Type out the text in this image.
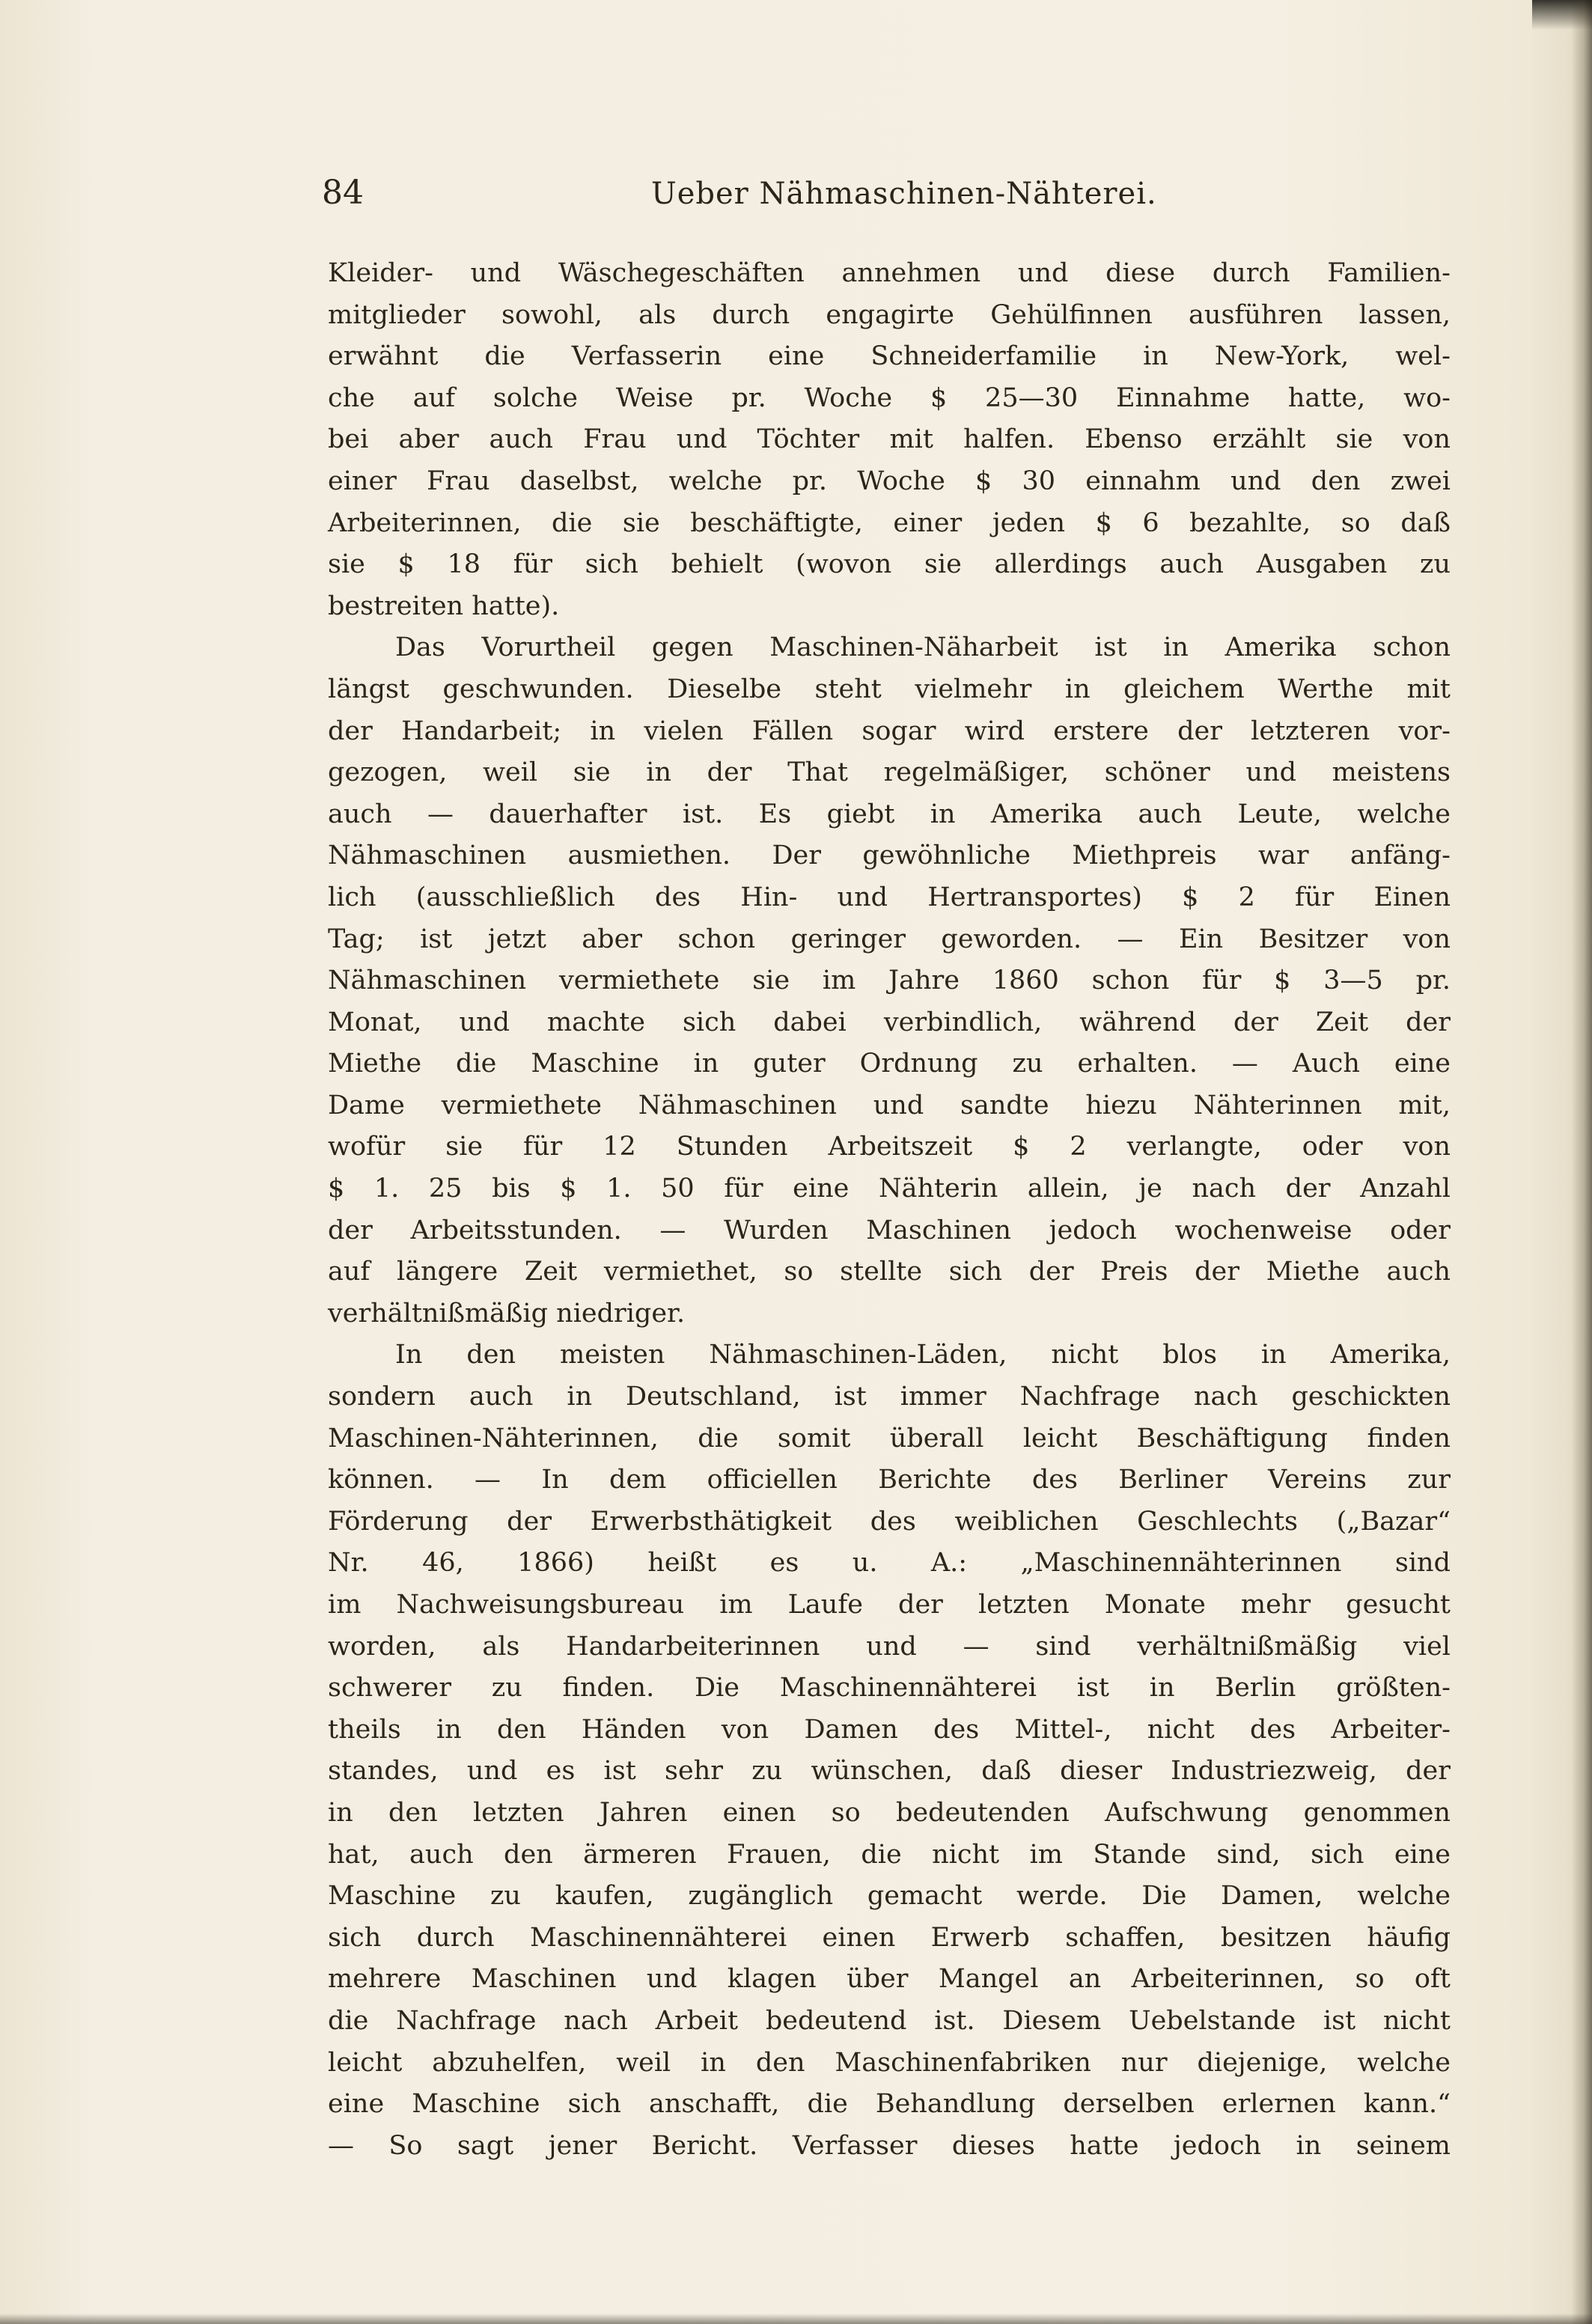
84	Ueber Nähmaschinen-Nähterei.
Kleider- und Wäschegeschäften annehmen und diese durch Familien-
mitglieder sowohl, als durch engagirte Gehülfinnen ausführen lassen,
erwähnt die Verfasserin eine Schneiderfamilie in New-York, wel-
che auf solche Weise pr. Woche $ 25—30 Einnahme hatte, wo-
bei aber auch Frau und Töchter mit halfen. Ebenso erzählt sie von
einer Frau daselbst, welche pr. Woche $ 30 einnahm und den zwei
Arbeiterinnen, die sie beschäftigte, einer jeden $ 6 bezahlte, so daß
sie $ 18 für sich behielt (wovon sie allerdings auch Ausgaben zu
bestreiten hatte).
Das Vorurtheil gegen Maschinen-Näharbeit ist in Amerika schon
längst geschwunden. Dieselbe steht vielmehr in gleichem Werthe mit
der Handarbeit; in vielen Fällen sogar wird erstere der letzteren vor-
gezogen, weil sie in der That regelmäßiger, schöner und meistens
auch — dauerhafter ist. Es giebt in Amerika auch Leute, welche
Nähmaschinen ausmiethen. Der gewöhnliche Miethpreis war anfäng-
lich (ausschließlich des Hin- und Hertransportes) $ 2 für Einen
Tag; ist jetzt aber schon geringer geworden. — Ein Besitzer von
Nähmaschinen vermiethete sie im Jahre 1860 schon für $ 3—5 pr.
Monat, und machte sich dabei verbindlich, während der Zeit der
Miethe die Maschine in guter Ordnung zu erhalten. — Auch eine
Dame vermiethete Nähmaschinen und sandte hiezu Nähterinnen mit,
wofür sie für 12 Stunden Arbeitszeit $ 2 verlangte, oder von
$ 1. 25 bis $ 1. 50 für eine Nähterin allein, je nach der Anzahl
der Arbeitsstunden. — Wurden Maschinen jedoch wochenweise oder
auf längere Zeit vermiethet, so stellte sich der Preis der Miethe auch
verhältnißmäßig niedriger.
In den meisten Nähmaschinen-Läden, nicht blos in Amerika,
sondern auch in Deutschland, ist immer Nachfrage nach geschickten
Maschinen-Nähterinnen, die somit überall leicht Beschäftigung finden
können. — In dem officiellen Berichte des Berliner Vereins zur
Förderung der Erwerbsthätigkeit des weiblichen Geschlechts („Bazar“
Nr. 46, 1866) heißt es u. A.: „Maschinennähterinnen sind
im Nachweisungsbureau im Laufe der letzten Monate mehr gesucht
worden, als Handarbeiterinnen und — sind verhältnißmäßig viel
schwerer zu finden. Die Maschinennähterei ist in Berlin größten-
theils in den Händen von Damen des Mittel-, nicht des Arbeiter-
standes, und es ist sehr zu wünschen, daß dieser Industriezweig, der
in den letzten Jahren einen so bedeutenden Aufschwung genommen
hat, auch den ärmeren Frauen, die nicht im Stande sind, sich eine
Maschine zu kaufen, zugänglich gemacht werde. Die Damen, welche
sich durch Maschinennähterei einen Erwerb schaffen, besitzen häufig
mehrere Maschinen und klagen über Mangel an Arbeiterinnen, so oft
die Nachfrage nach Arbeit bedeutend ist. Diesem Uebelstande ist nicht
leicht abzuhelfen, weil in den Maschinenfabriken nur diejenige, welche
eine Maschine sich anschafft, die Behandlung derselben erlernen kann.“
— So sagt jener Bericht. Verfasser dieses hatte jedoch in seinem
